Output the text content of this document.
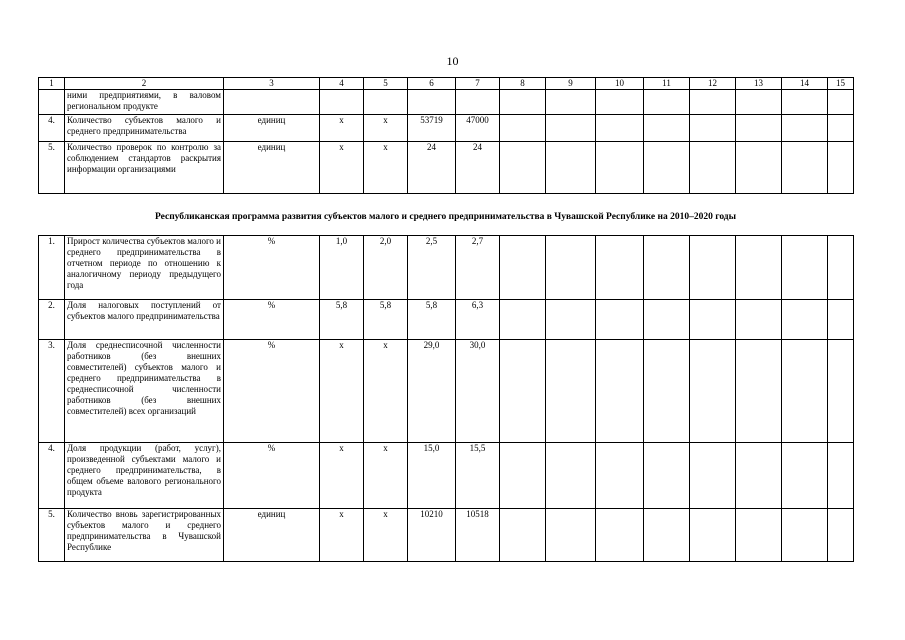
10
1	2	3	4	5	6	7	8	9	10	11	12	13	14	15
	ними предприятиями, в валовом региональном продукте													
4.	Количество субъектов малого и среднего предпринимательства	единиц	х	х	53719	47000								
5.	Количество проверок по контролю за соблюдением стандартов раскрытия информации организациями	единиц	х	х	24	24								
Республиканская программа развития субъектов малого и среднего предпринимательства в Чувашской Республике на 2010–2020 годы
1.	Прирост количества субъектов малого и среднего предпринимательства в отчетном периоде по отношению к аналогичному периоду предыдущего года	%	1,0	2,0	2,5	2,7								
2.	Доля налоговых поступлений от субъектов малого предпринимательства	%	5,8	5,8	5,8	6,3								
3.	Доля среднесписочной численности работников (без внешних совместителей) субъектов малого и среднего предпринимательства в среднесписочной численности работников (без внешних совместителей) всех организаций	%	х	х	29,0	30,0								
4.	Доля продукции (работ, услуг), произведенной субъектами малого и среднего предпринимательства, в общем объеме валового регионального продукта	%	х	х	15,0	15,5								
5.	Количество вновь зарегистрированных субъектов малого и среднего предпринимательства в Чувашской Республике	единиц	х	х	10210	10518								
